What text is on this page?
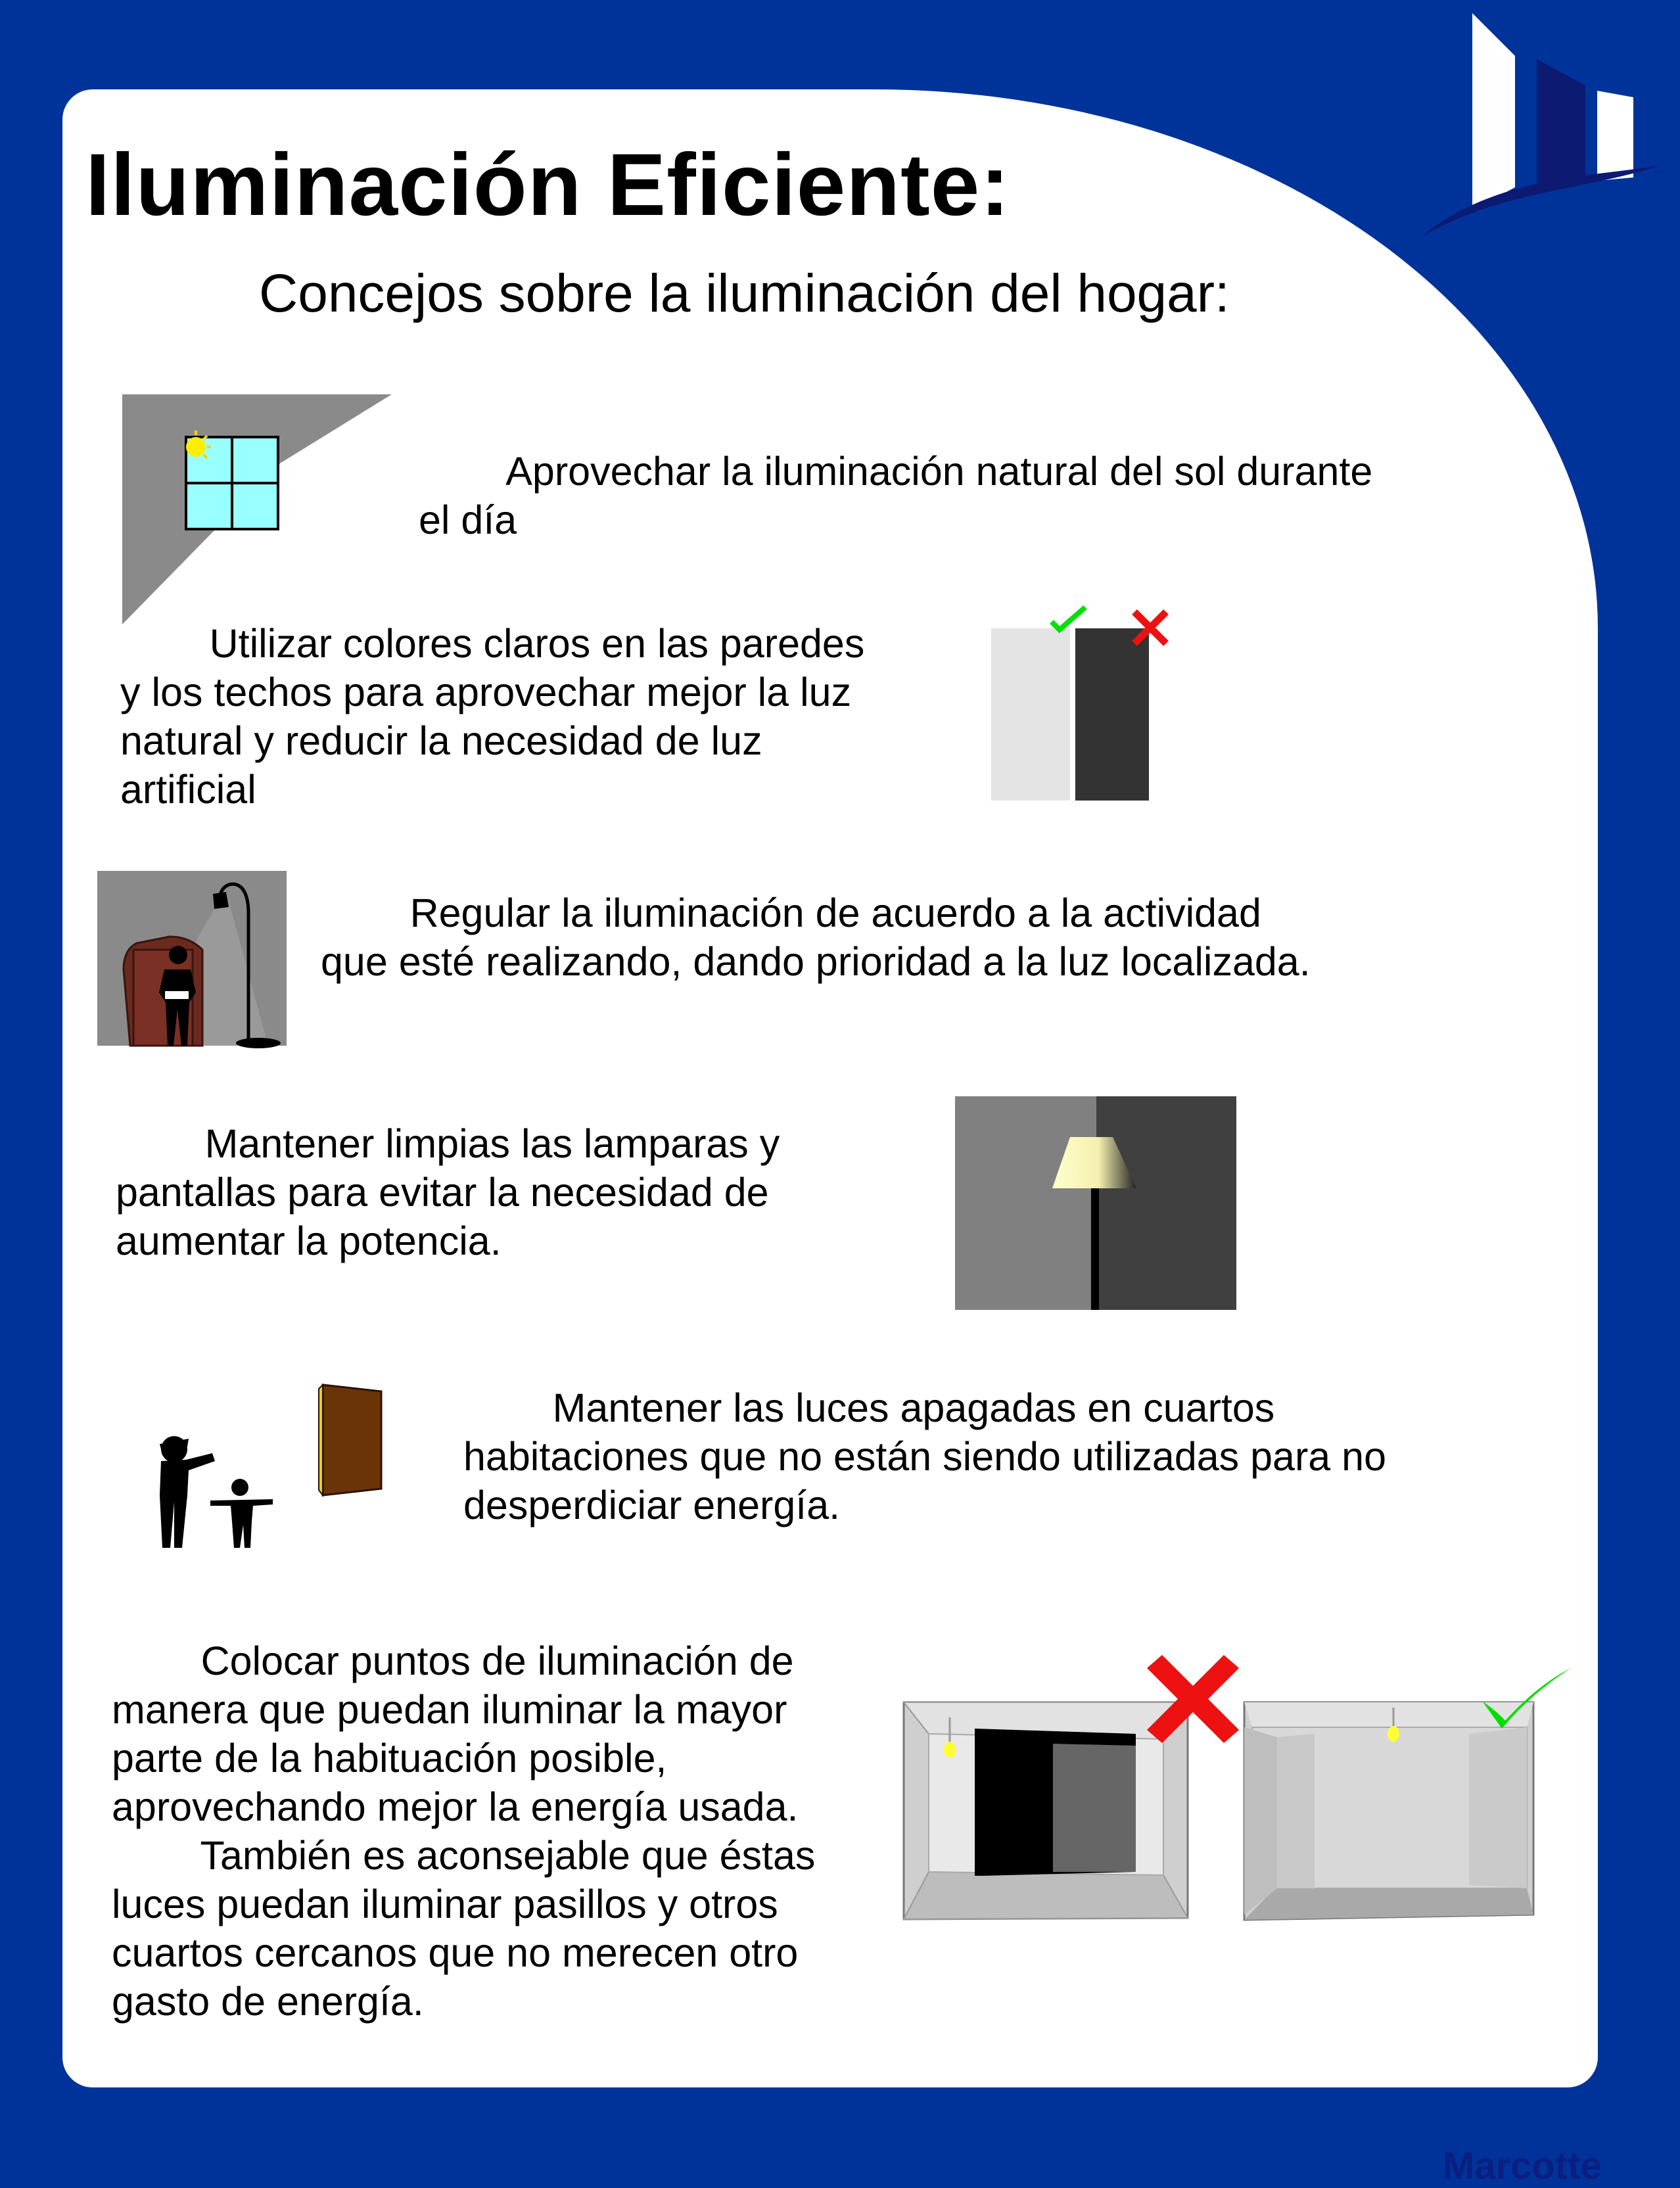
Iluminación Eficiente:
Concejos sobre la iluminación del hogar:
Aprovechar la iluminación natural del sol durante
el día
Utilizar colores claros en las paredes
y los techos para aprovechar mejor la luz
natural y reducir la necesidad de luz
artificial
Regular la iluminación de acuerdo a la actividad
que esté realizando, dando prioridad a la luz localizada.
Mantener limpias las lamparas y
pantallas para evitar la necesidad de
aumentar la potencia.
Mantener las luces apagadas en cuartos
habitaciones que no están siendo utilizadas para no
desperdiciar energía.
Colocar puntos de iluminación de
manera que puedan iluminar la mayor
parte de la habituación posible,
aprovechando mejor la energía usada.
También es aconsejable que éstas
luces puedan iluminar pasillos y otros
cuartos cercanos que no merecen otro
gasto de energía.
Marcotte
